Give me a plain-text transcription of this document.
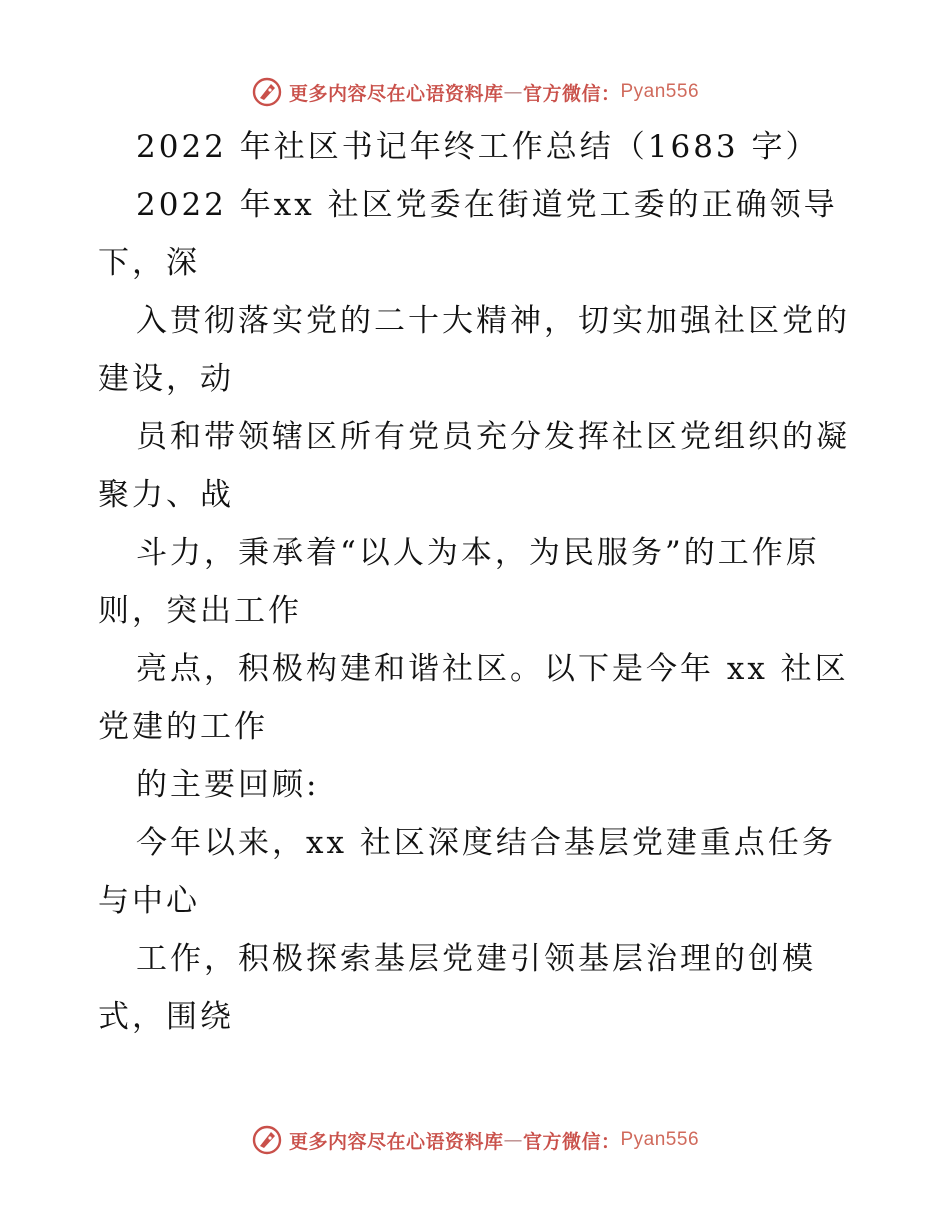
更多内容尽在心语资料库 — 官方微信： Pyan556
2022 年社区书记年终工作总结（1683 字）
2022 年xx 社区党委在街道党工委的正确领导
下，深
入贯彻落实党的二十大精神，切实加强社区党的
建设，动
员和带领辖区所有党员充分发挥社区党组织的凝
聚力、战
斗力，秉承着“以人为本，为民服务”的工作原
则，突出工作
亮点，积极构建和谐社区。以下是今年 xx 社区
党建的工作
的主要回顾:
今年以来，xx 社区深度结合基层党建重点任务
与中心
工作，积极探索基层党建引领基层治理的创模
式，围绕
更多内容尽在心语资料库 — 官方微信： Pyan556
